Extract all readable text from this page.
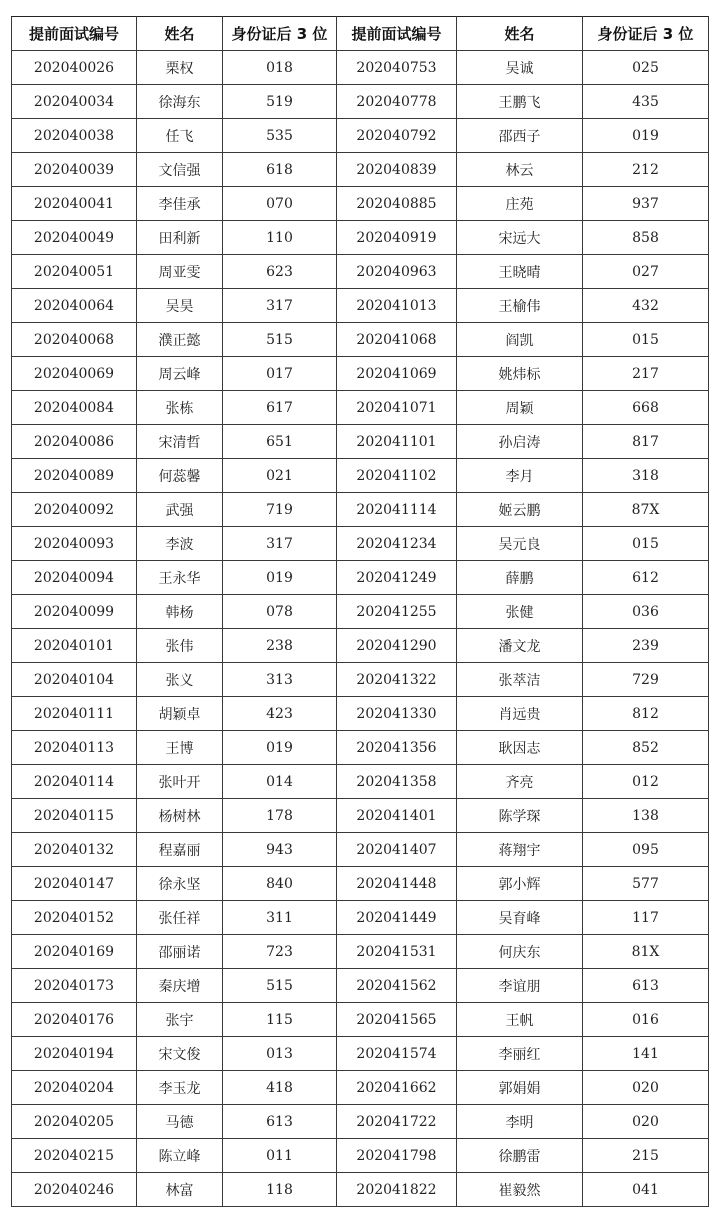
提前面试编号	姓名	身份证后 3 位	提前面试编号	姓名	身份证后 3 位
202040026	栗权	018	202040753	吴诚	025
202040034	徐海东	519	202040778	王鹏飞	435
202040038	任飞	535	202040792	邵西子	019
202040039	文信强	618	202040839	林云	212
202040041	李佳承	070	202040885	庄苑	937
202040049	田利新	110	202040919	宋远大	858
202040051	周亚雯	623	202040963	王晓晴	027
202040064	吴昊	317	202041013	王榆伟	432
202040068	濮正懿	515	202041068	阎凯	015
202040069	周云峰	017	202041069	姚炜标	217
202040084	张栋	617	202041071	周颖	668
202040086	宋清哲	651	202041101	孙启涛	817
202040089	何蕊馨	021	202041102	李月	318
202040092	武强	719	202041114	姬云鹏	87X
202040093	李波	317	202041234	吴元良	015
202040094	王永华	019	202041249	薛鹏	612
202040099	韩杨	078	202041255	张健	036
202040101	张伟	238	202041290	潘文龙	239
202040104	张义	313	202041322	张萃洁	729
202040111	胡颖卓	423	202041330	肖远贵	812
202040113	王博	019	202041356	耿因志	852
202040114	张叶开	014	202041358	齐亮	012
202040115	杨树林	178	202041401	陈学琛	138
202040132	程嘉丽	943	202041407	蒋翔宇	095
202040147	徐永坚	840	202041448	郭小辉	577
202040152	张任祥	311	202041449	吴育峰	117
202040169	邵丽诺	723	202041531	何庆东	81X
202040173	秦庆增	515	202041562	李谊朋	613
202040176	张宇	115	202041565	王帆	016
202040194	宋文俊	013	202041574	李丽红	141
202040204	李玉龙	418	202041662	郭娟娟	020
202040205	马德	613	202041722	李明	020
202040215	陈立峰	011	202041798	徐鹏雷	215
202040246	林富	118	202041822	崔毅然	041
